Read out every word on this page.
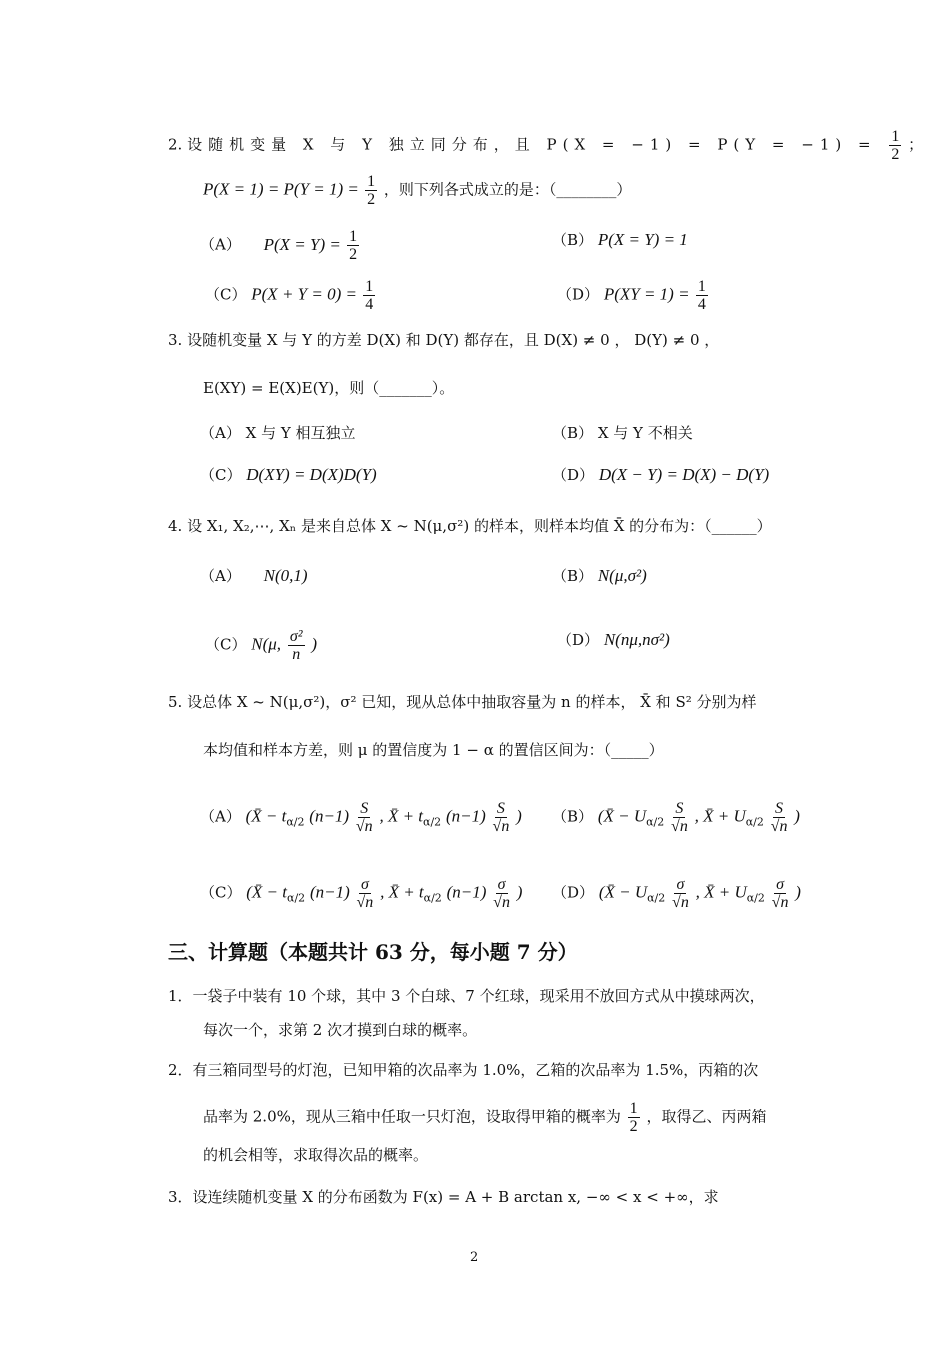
2. 设随机变量 X 与 Y 独立同分布，且 $P(X = -1) = P(Y = -1) = \frac{1}{2}$ ；
$P(X = 1) = P(Y = 1) = \frac{1}{2}$ ，则下列各式成立的是：（________）
（A） $P(X = Y) = \frac{1}{2}$	（B） P(X = Y) = 1
（C） $P(X + Y = 0) = \frac{1}{4}$	（D） $P(XY = 1) = \frac{1}{4}$
3. 设随机变量 X 与 Y 的方差 D(X) 和 D(Y) 都存在，且 D(X) ≠ 0 ， D(Y) ≠ 0 ，
E(XY) = E(X)E(Y)，则（_______）。
（A） X 与 Y 相互独立	（B） X 与 Y 不相关
（C） D(XY) = D(X)D(Y)	（D） D(X − Y) = D(X) − D(Y)
4. 设 X₁, X₂,⋯, Xₙ 是来自总体 X ~ N(μ,σ²) 的样本，则样本均值 X̄ 的分布为：（______）
（A） N(0,1)	（B） N(μ,σ²)
（C） N(μ, $\frac{\text{σ²}}{n}$ )	（D） N(nμ,nσ²)
5. 设总体 X ~ N(μ,σ²)，σ² 已知，现从总体中抽取容量为 n 的样本， X̄ 和 S² 分别为样
本均值和样本方差，则 μ 的置信度为 1 − α 的置信区间为：（_____）
（A） (X̄ − $t_{\alpha/2}$ $(n-1) \frac{S}{√n}$ , X̄ + $t_{\alpha/2}$ $(n-1) \frac{S}{√n}$ ) （B） (X̄ − $U_{\alpha/2} \frac{S}{√n}$ , X̄ + $U_{\alpha/2} \frac{S}{√n}$ )
（C） (X̄ − $t_{\alpha/2}$ $(n-1) \frac{\sigma}{√n}$ , X̄ + $t_{\alpha/2}$ $(n-1) \frac{\sigma}{√n}$ ) （D） (X̄ − $U_{\alpha/2} \frac{\sigma}{√n}$ , X̄ + $U_{\alpha/2} \frac{\sigma}{√n}$ )
三、计算题（本题共计 63 分，每小题 7 分）
1．一袋子中装有 10 个球，其中 3 个白球、7 个红球，现采用不放回方式从中摸球两次，
每次一个，求第 2 次才摸到白球的概率。
2．有三箱同型号的灯泡，已知甲箱的次品率为 1.0%，乙箱的次品率为 1.5%，丙箱的次
品率为 2.0%，现从三箱中任取一只灯泡，设取得甲箱的概率为 $\frac{1}{2}$ ，取得乙、丙两箱
的机会相等，求取得次品的概率。
3．设连续随机变量 X 的分布函数为 F(x) = A + B arctan x, −∞ < x < +∞，求
2
